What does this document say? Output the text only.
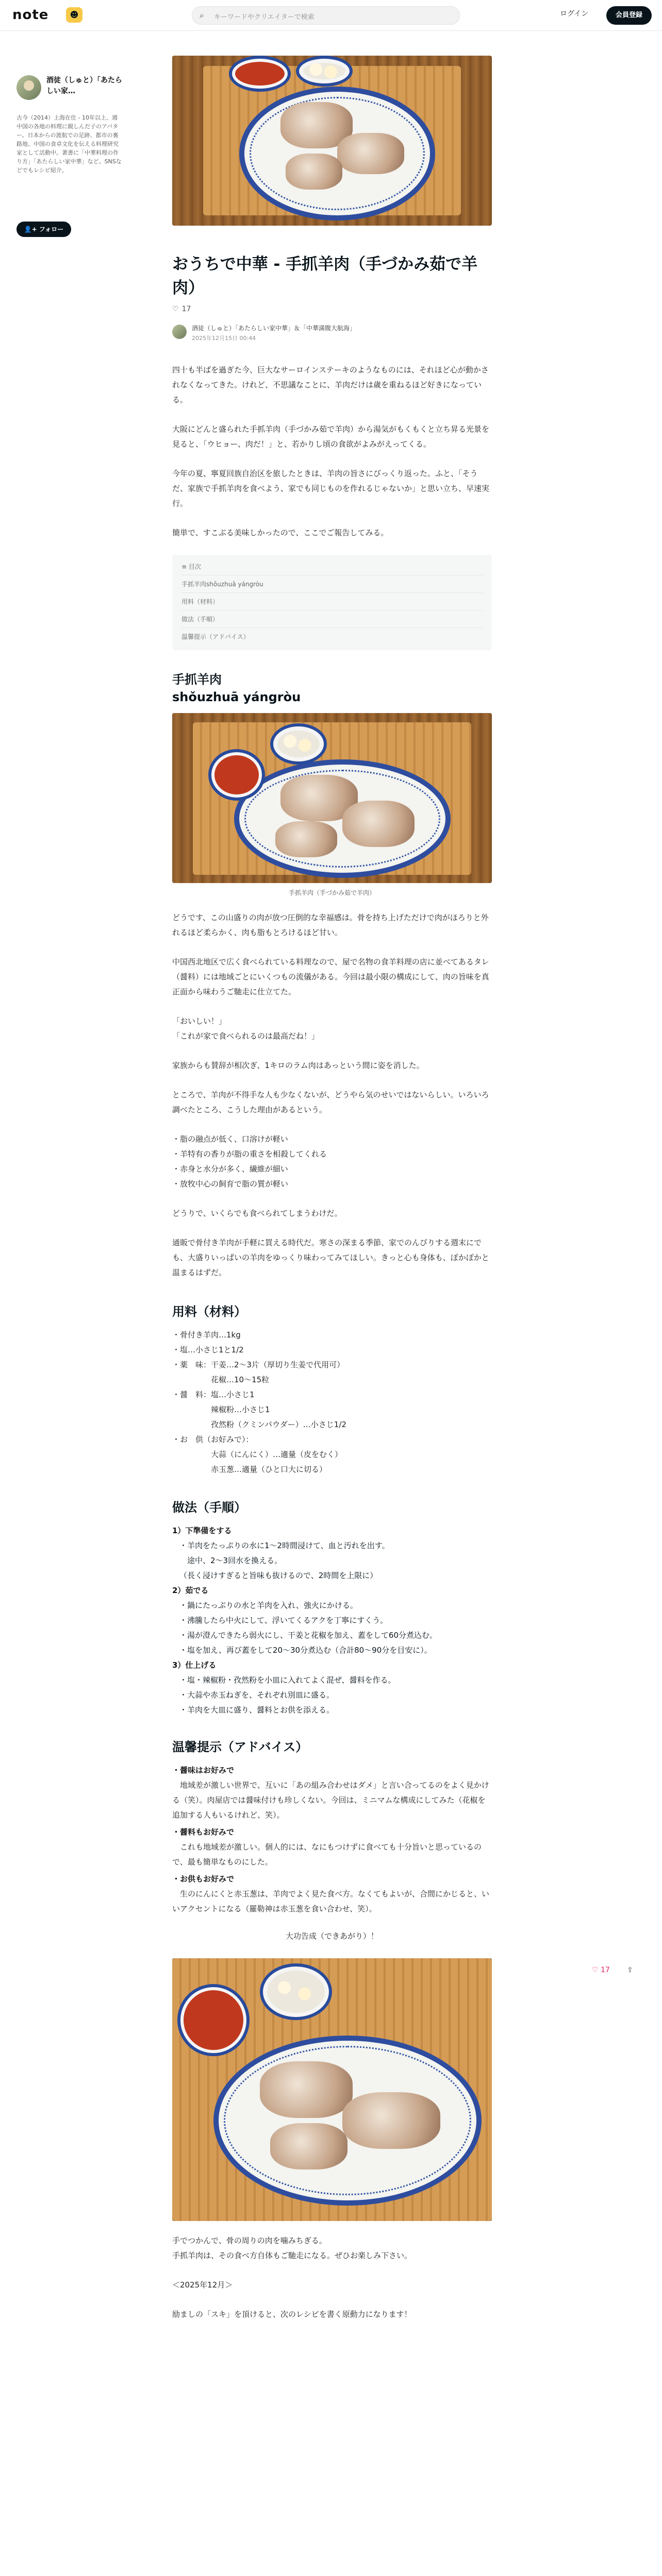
note	☻	⌕ キーワードやクリエイターで検索	ログイン	会員登録
酒徒（しゅと）「あたらしい家…
古今（2014）上海在住 - 10年以上、週中国の各地の料理に親しんだ子のアバター。日本からの渡航での足跡、都市の裏路地、中国の食卓文化を伝える料理研究家として活動中。著書に「中華料理の作り方」「あたらしい家中華」など。SNSなどでもレシピ紹介。
👤+ フォロー
♡ 17 ⇪
おうちで中華 - 手抓羊肉（手づかみ茹で羊肉）
♡ 17
酒徒（しゅと）「あたらしい家中華」＆「中華満腹大航海」
2025年12月15日 00:44

四十も半ばを過ぎた今、巨大なサーロインステーキのようなものには、それほど心が動かされなくなってきた。けれど、不思議なことに、羊肉だけは歳を重ねるほど好きになっている。

大阪にどんと盛られた手抓羊肉（手づかみ茹で羊肉）から湯気がもくもくと立ち昇る光景を見ると、「ウヒョー、肉だ！」と、若かりし頃の食欲がよみがえってくる。

今年の夏、寧夏回族自治区を旅したときは、羊肉の旨さにびっくり返った。ふと、「そうだ、家族で手抓羊肉を食べよう、家でも同じものを作れるじゃないか」と思い立ち、早速実行。

簡単で、すこぶる美味しかったので、ここでご報告してみる。

≡ 目次
手抓羊肉shǒuzhuā yángròu
用料（材料）
做法（手順）
温馨提示（アドバイス）
手抓羊肉
shǒuzhuā yángròu
手抓羊肉（手づかみ茹で羊肉）

どうです、この山盛りの肉が放つ圧倒的な幸福感は。骨を持ち上げただけで肉がほろりと外れるほど柔らかく、肉も脂もとろけるほど甘い。

中国西北地区で広く食べられている料理なので、屋で名物の食羊料理の店に並べてあるタレ（醤料）には地域ごとにいくつもの流儀がある。今回は最小限の構成にして、肉の旨味を真正面から味わうご馳走に仕立てた。

「おいしい！」
「これが家で食べられるのは最高だね！」

家族からも賛辞が相次ぎ、1キロのラム肉はあっという間に姿を消した。

ところで、羊肉が不得手な人も少なくないが、どうやら気のせいではないらしい。いろいろ調べたところ、こうした理由があるという。

・脂の融点が低く、口溶けが軽い
・羊特有の香りが脂の重さを相殺してくれる
・赤身と水分が多く、繊維が細い
・放牧中心の飼育で脂の質が軽い

どうりで、いくらでも食べられてしまうわけだ。

通販で骨付き羊肉が手軽に買える時代だ。寒さの深まる季節、家でのんびりする週末にでも、大盛りいっぱいの羊肉をゆっくり味わってみてほしい。きっと心も身体も、ぽかぽかと温まるはずだ。

用料（材料）
・骨付き羊肉…1kg
・塩…小さじ1と1/2
・薬　味：干姜…2～3片（厚切り生姜で代用可）
　　　　　花椒…10～15粒
・醤　料：塩…小さじ1
　　　　　辣椒粉…小さじ1
　　　　　孜然粉（クミンパウダー）…小さじ1/2
・お　供（お好みで）：
　　　　　大蒜（にんにく）…適量（皮をむく）
　　　　　赤玉葱…適量（ひと口大に切る）
做法（手順）
1）下準備をする
・羊肉をたっぷりの水に1～2時間浸けて、血と汚れを出す。
　途中、2～3回水を換える。
（長く浸けすぎると旨味も抜けるので、2時間を上限に）
2）茹でる
・鍋にたっぷりの水と羊肉を入れ、強火にかける。
・沸騰したら中火にして、浮いてくるアクを丁寧にすくう。
・湯が澄んできたら弱火にし、干姜と花椒を加え、蓋をして60分煮込む。
・塩を加え、再び蓋をして20～30分煮込む（合計80～90分を目安に）。
3）仕上げる
・塩・辣椒粉・孜然粉を小皿に入れてよく混ぜ、醤料を作る。
・大蒜や赤玉ねぎを、それぞれ別皿に盛る。
・羊肉を大皿に盛り、醤料とお供を添える。
温馨提示（アドバイス）
・醤味はお好みで

　地域差が激しい世界で、互いに「あの組み合わせはダメ」と言い合ってるのをよく見かける（笑）。肉屋店では醤味付けも珍しくない。今回は、ミニマムな構成にしてみた（花椒を追加する人もいるけれど、笑）。

・醤料もお好みで

　これも地域差が激しい。個人的には、なにもつけずに食べても十分旨いと思っているので、最も簡単なものにした。

・お供もお好みで

　生のにんにくと赤玉葱は、羊肉でよく見た食べ方。なくてもよいが、合間にかじると、いいアクセントになる（羅勒神は赤玉葱を食い合わせ、笑）。

大功告成（できあがり）！

手でつかんで、骨の周りの肉を噛みちぎる。
手抓羊肉は、その食べ方自体もご馳走になる。ぜひお楽しみ下さい。

＜2025年12月＞

励ましの「スキ」を頂けると、次のレシピを書く原動力になります！
